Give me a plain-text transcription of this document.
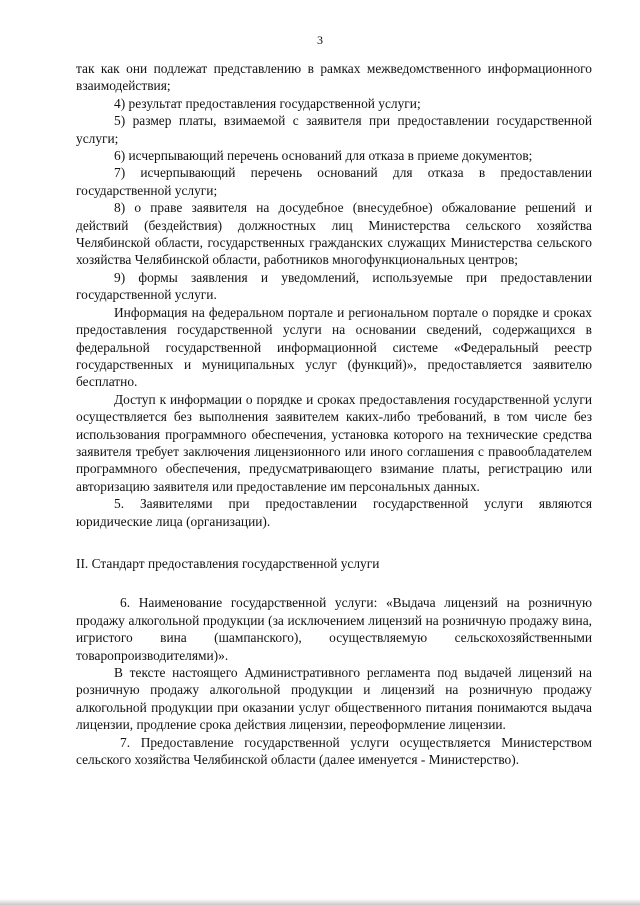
3

так как они подлежат представлению в рамках межведомственного информационного взаимодействия;

4) результат предоставления государственной услуги;

5) размер платы, взимаемой с заявителя при предоставлении государственной услуги;

6) исчерпывающий перечень оснований для отказа в приеме документов;

7) исчерпывающий перечень оснований для отказа в предоставлении государственной услуги;

8) о праве заявителя на досудебное (внесудебное) обжалование решений и действий (бездействия) должностных лиц Министерства сельского хозяйства Челябинской области, государственных гражданских служащих Министерства сельского хозяйства Челябинской области, работников многофункциональных центров;

9) формы заявления и уведомлений, используемые при предоставлении государственной услуги.

Информация на федеральном портале и региональном портале о порядке и сроках предоставления государственной услуги на основании сведений, содержащихся в федеральной государственной информационной системе «Федеральный реестр государственных и муниципальных услуг (функций)», предоставляется заявителю бесплатно.

Доступ к информации о порядке и сроках предоставления государственной услуги осуществляется без выполнения заявителем каких-либо требований, в том числе без использования программного обеспечения, установка которого на технические средства заявителя требует заключения лицензионного или иного соглашения с правообладателем программного обеспечения, предусматривающего взимание платы, регистрацию или авторизацию заявителя или предоставление им персональных данных.

5. Заявителями при предоставлении государственной услуги являются юридические лица (организации).

II. Стандарт предоставления государственной услуги

6. Наименование государственной услуги: «Выдача лицензий на розничную продажу алкогольной продукции (за исключением лицензий на розничную продажу вина, игристого вина (шампанского), осуществляемую сельскохозяйственными товаропроизводителями)».

В тексте настоящего Административного регламента под выдачей лицензий на розничную продажу алкогольной продукции и лицензий на розничную продажу алкогольной продукции при оказании услуг общественного питания понимаются выдача лицензии, продление срока действия лицензии, переоформление лицензии.

7. Предоставление государственной услуги осуществляется Министерством сельского хозяйства Челябинской области (далее именуется - Министерство).
